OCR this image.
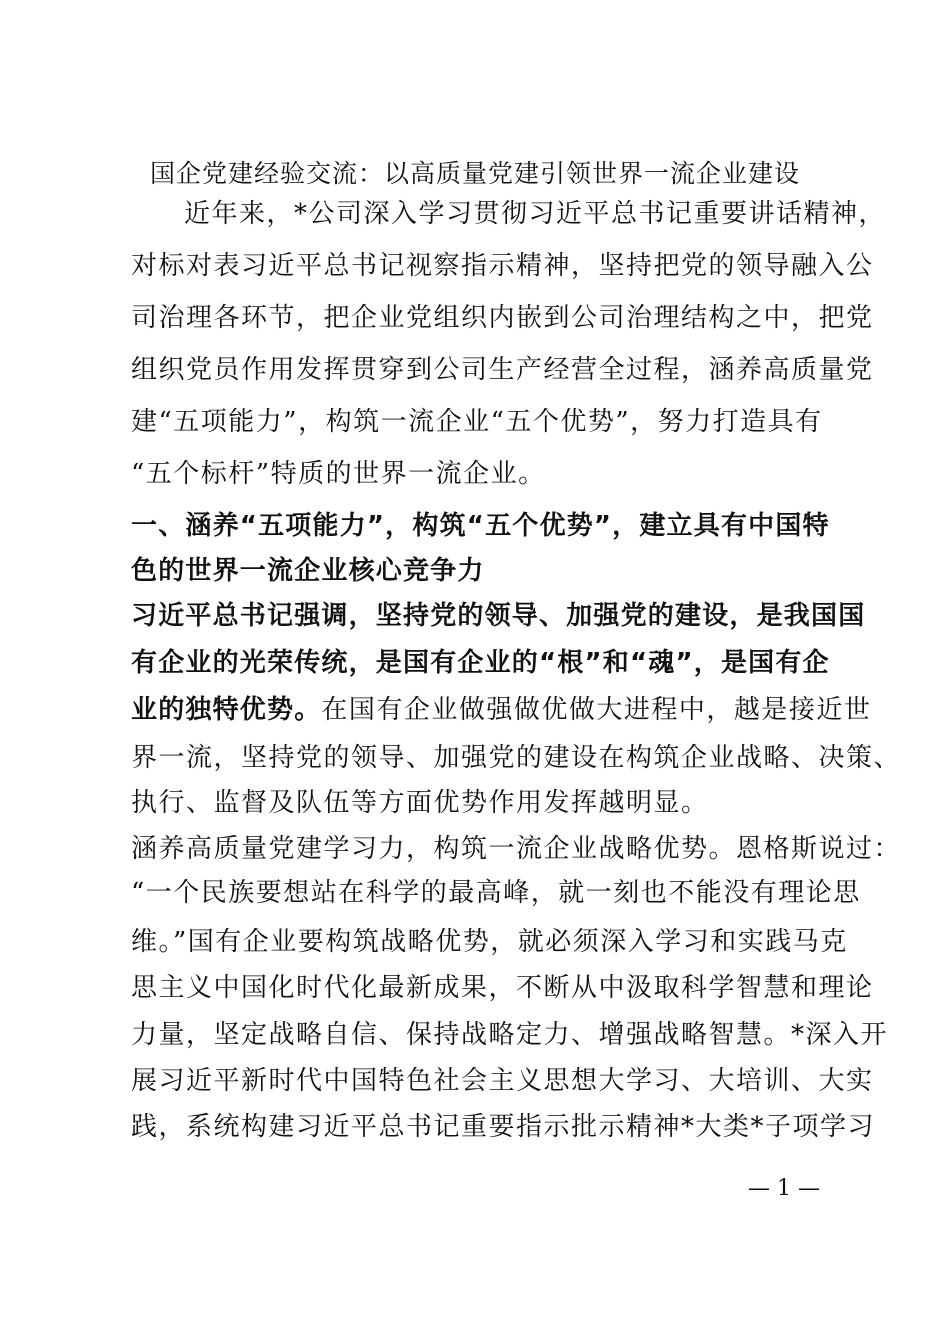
国企党建经验交流：以高质量党建引领世界一流企业建设
近年来，*公司深入学习贯彻习近平总书记重要讲话精神，
对标对表习近平总书记视察指示精神，坚持把党的领导融入公
司治理各环节，把企业党组织内嵌到公司治理结构之中，把党
组织党员作用发挥贯穿到公司生产经营全过程，涵养高质量党
建“五项能力”，构筑一流企业“五个优势”，努力打造具有
“五个标杆”特质的世界一流企业。
一、涵养“五项能力”，构筑“五个优势”，建立具有中国特
色的世界一流企业核心竞争力
习近平总书记强调，坚持党的领导、加强党的建设，是我国国
有企业的光荣传统，是国有企业的“根”和“魂”，是国有企
业的独特优势。在国有企业做强做优做大进程中，越是接近世
界一流，坚持党的领导、加强党的建设在构筑企业战略、决策、
执行、监督及队伍等方面优势作用发挥越明显。
涵养高质量党建学习力，构筑一流企业战略优势。恩格斯说过：
“一个民族要想站在科学的最高峰，就一刻也不能没有理论思
维。”国有企业要构筑战略优势，就必须深入学习和实践马克
思主义中国化时代化最新成果，不断从中汲取科学智慧和理论
力量，坚定战略自信、保持战略定力、增强战略智慧。*深入开
展习近平新时代中国特色社会主义思想大学习、大培训、大实
践，系统构建习近平总书记重要指示批示精神*大类*子项学习
— 1 —
